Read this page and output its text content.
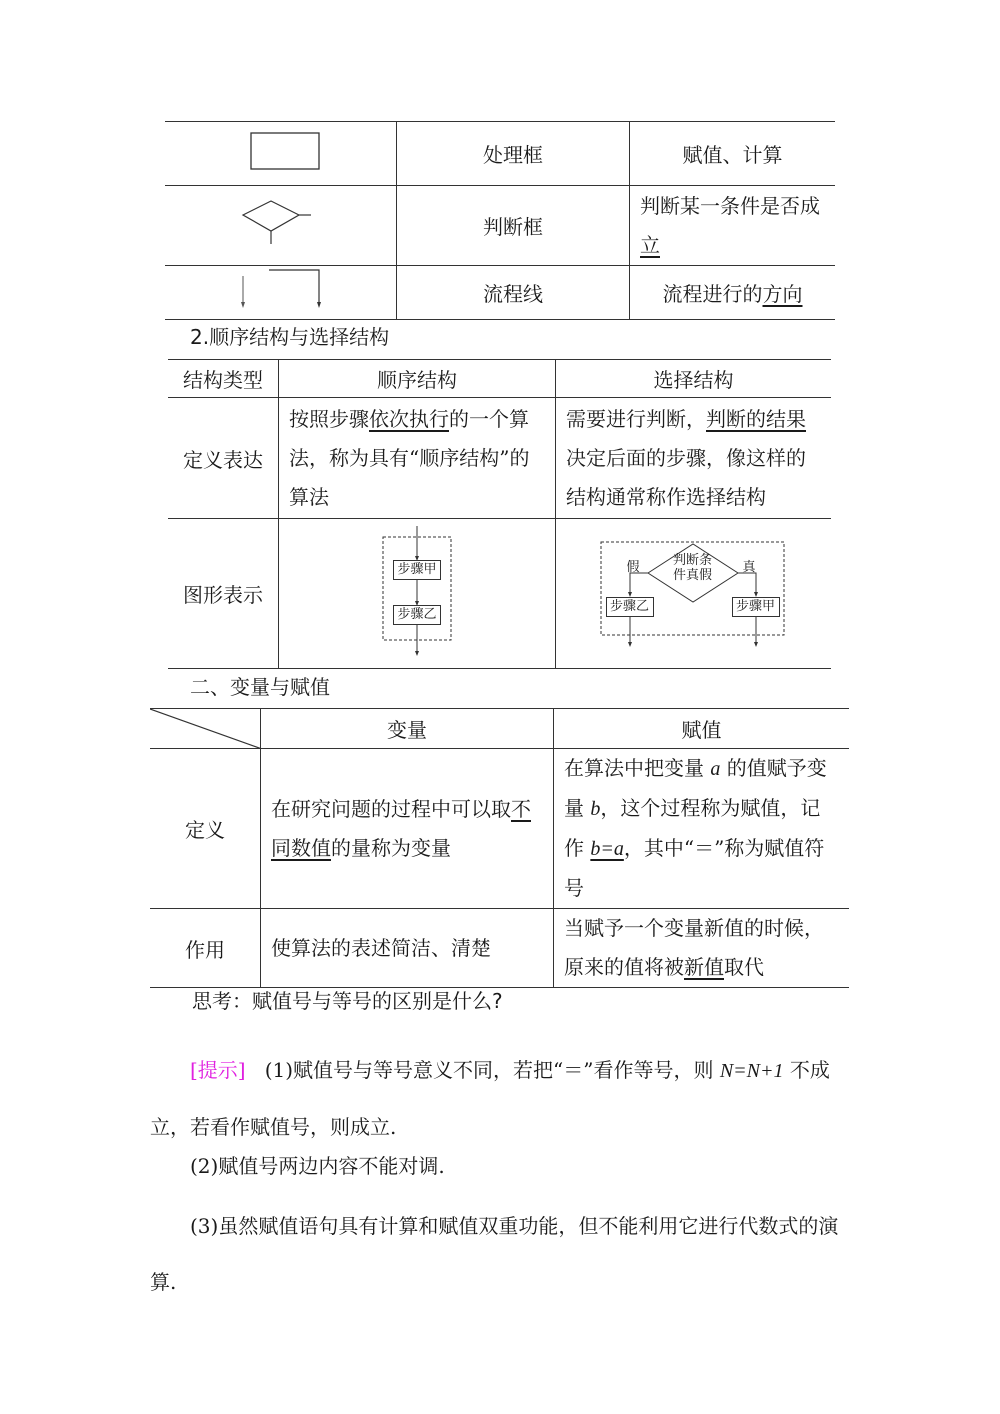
	处理框	赋值、计算
	判断框	判断某一条件是否成
立

	流程线	流程进行的方向
2.顺序结构与选择结构
结构类型	顺序结构	选择结构
定义表达	按照步骤依次执行的一个算法，称为具有“顺序结构”的算法	需要进行判断，判断的结果决定后面的步骤，像这样的结构通常称作选择结构
图形表示	
步骤甲
步骤乙

判断条
件真假
假	真
步骤乙	步骤甲
二、变量与赋值
	变量	赋值
定义	在研究问题的过程中可以取不同数值的量称为变量	在算法中把变量 a 的值赋予变量 b，这个过程称为赋值，记作 b=a，其中“＝”称为赋值符号
作用	使算法的表述简洁、清楚	当赋予一个变量新值的时候，原来的值将被新值取代
思考：赋值号与等号的区别是什么?
[提示] (1)赋值号与等号意义不同，若把“＝”看作等号，则 N=N+1 不成立，若看作赋值号，则成立.
(2)赋值号两边内容不能对调.
(3)虽然赋值语句具有计算和赋值双重功能，但不能利用它进行代数式的演算.
